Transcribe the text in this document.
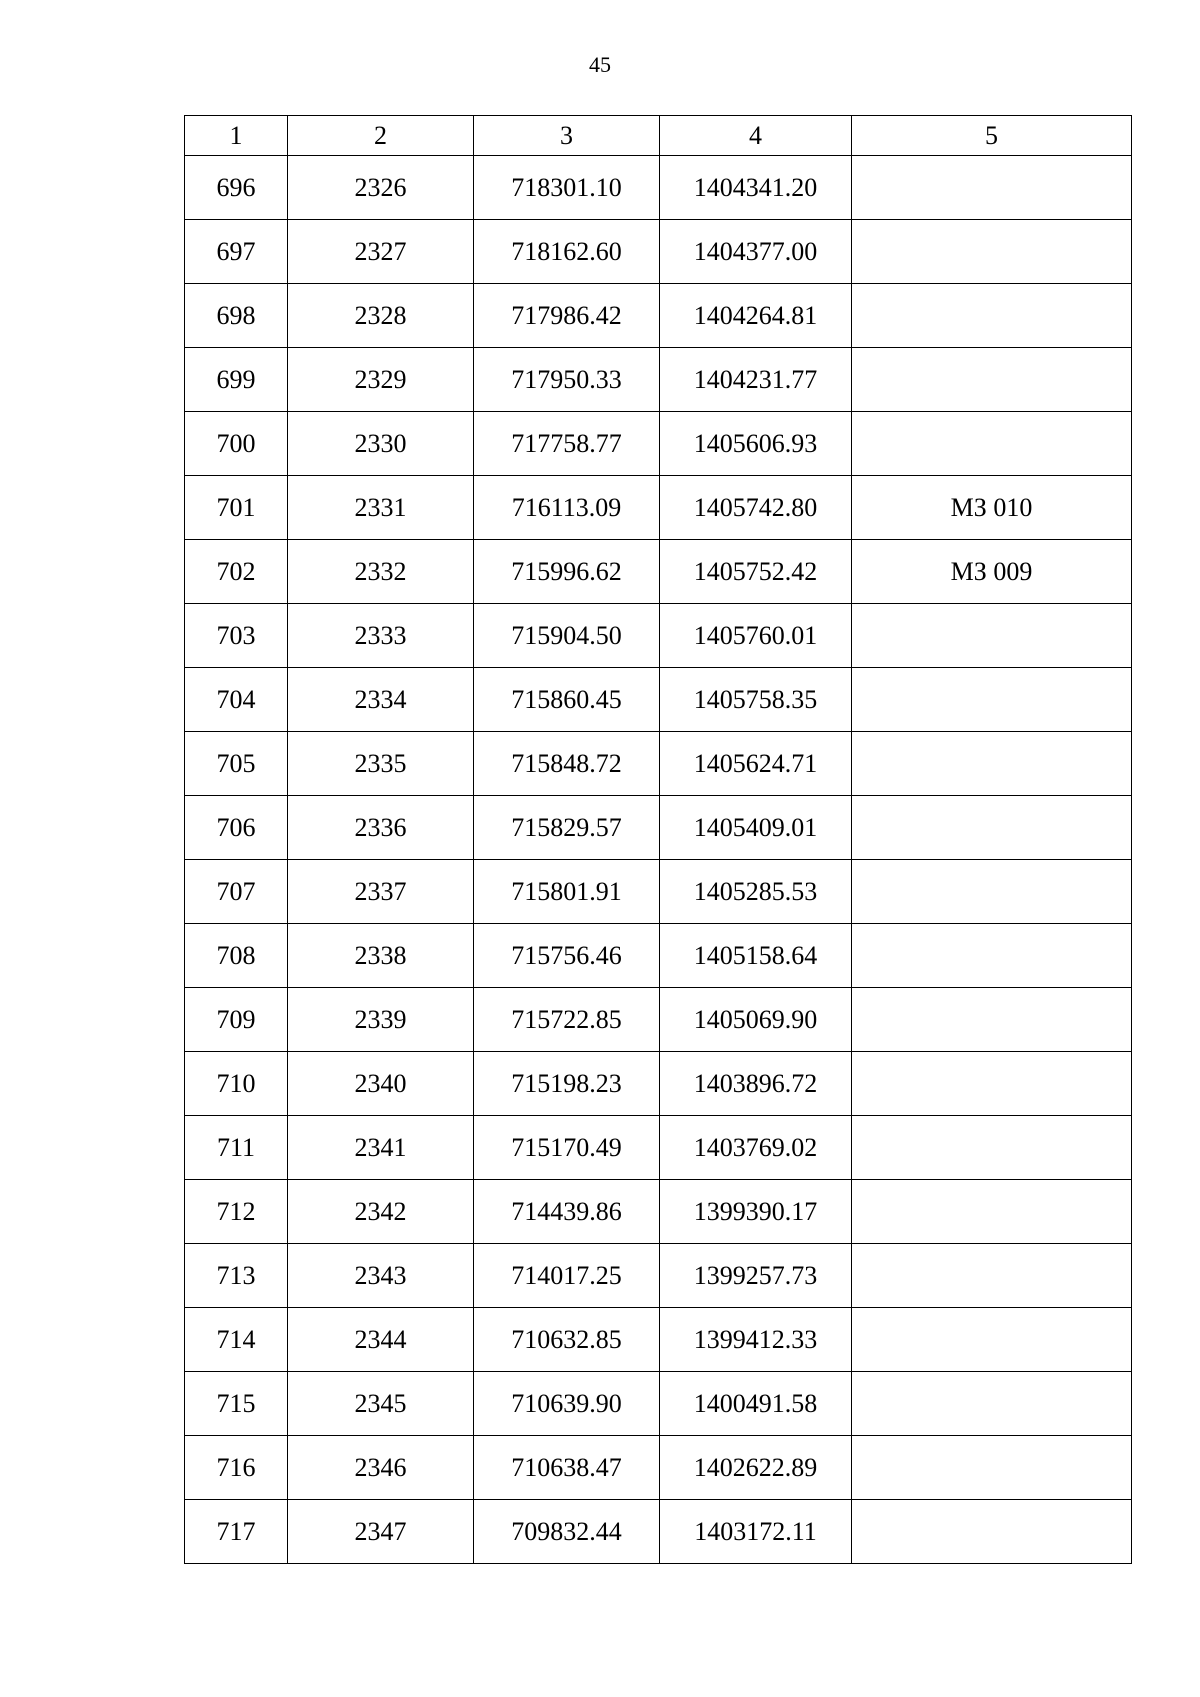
45
1	2	3	4	5
696	2326	718301.10	1404341.20	
697	2327	718162.60	1404377.00	
698	2328	717986.42	1404264.81	
699	2329	717950.33	1404231.77	
700	2330	717758.77	1405606.93	
701	2331	716113.09	1405742.80	МЗ 010
702	2332	715996.62	1405752.42	МЗ 009
703	2333	715904.50	1405760.01	
704	2334	715860.45	1405758.35	
705	2335	715848.72	1405624.71	
706	2336	715829.57	1405409.01	
707	2337	715801.91	1405285.53	
708	2338	715756.46	1405158.64	
709	2339	715722.85	1405069.90	
710	2340	715198.23	1403896.72	
711	2341	715170.49	1403769.02	
712	2342	714439.86	1399390.17	
713	2343	714017.25	1399257.73	
714	2344	710632.85	1399412.33	
715	2345	710639.90	1400491.58	
716	2346	710638.47	1402622.89	
717	2347	709832.44	1403172.11	
